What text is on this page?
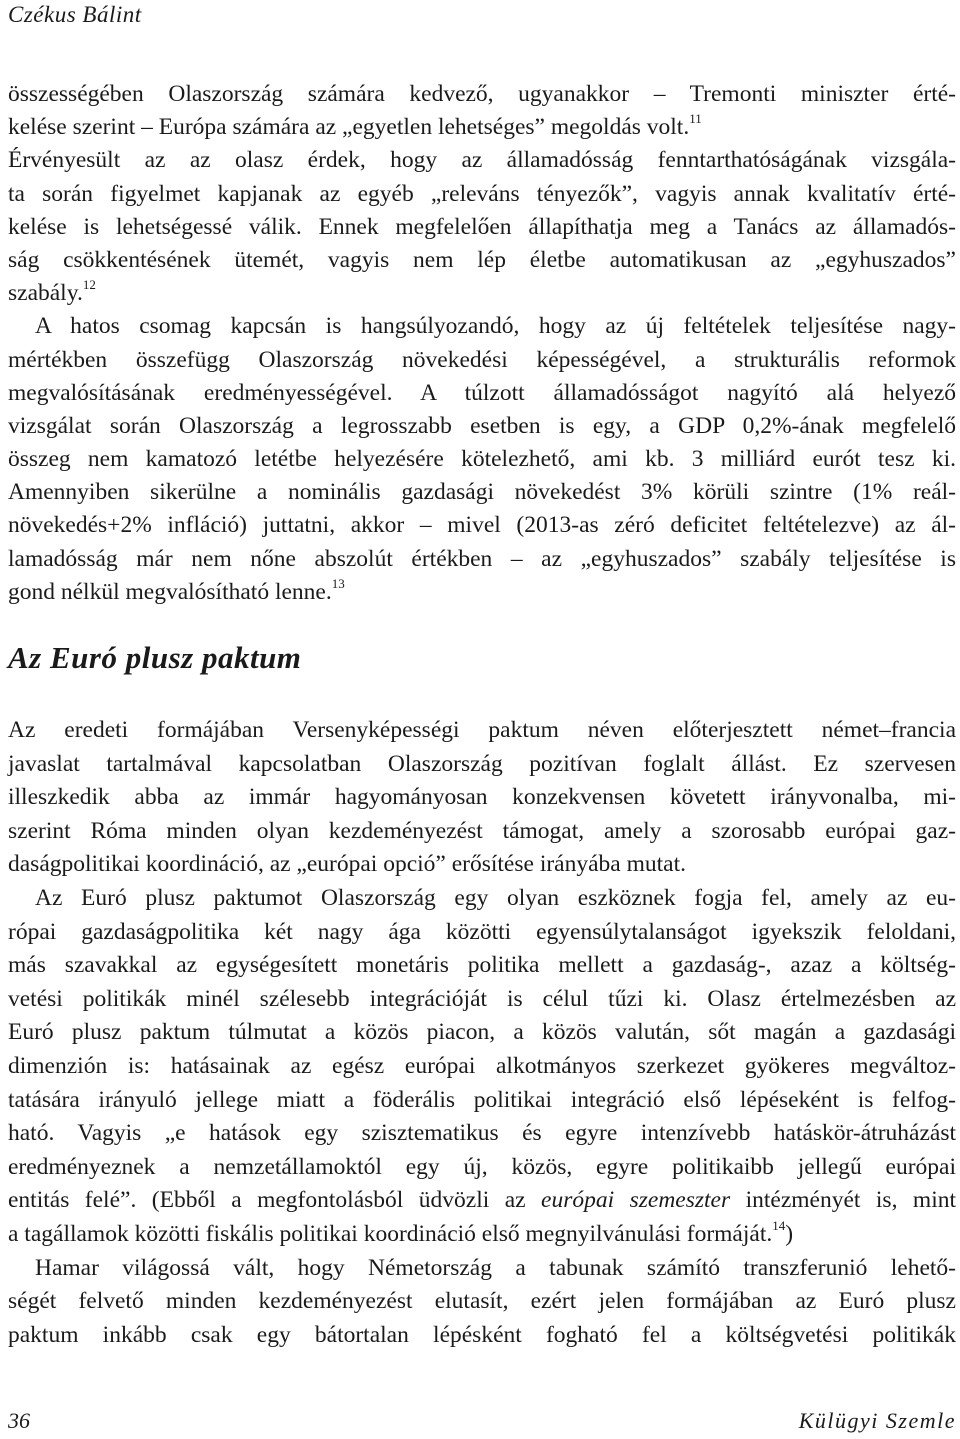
Czékus Bálint
összességében Olaszország számára kedvező, ugyanakkor – Tremonti miniszter érté-
kelése szerint – Európa számára az „egyetlen lehetséges” megoldás volt.$^{11}$
Érvényesült az az olasz érdek, hogy az államadósság fenntarthatóságának vizsgála-
ta során figyelmet kapjanak az egyéb „releváns tényezők”, vagyis annak kvalitatív érté-
kelése is lehetségessé válik. Ennek megfelelően állapíthatja meg a Tanács az államadós-
ság csökkentésének ütemét, vagyis nem lép életbe automatikusan az „egyhuszados”
szabály.$^{12}$
A hatos csomag kapcsán is hangsúlyozandó, hogy az új feltételek teljesítése nagy-
mértékben összefügg Olaszország növekedési képességével, a strukturális reformok
megvalósításának eredményességével. A túlzott államadósságot nagyító alá helyező
vizsgálat során Olaszország a legrosszabb esetben is egy, a GDP 0,2%-ának megfelelő
összeg nem kamatozó letétbe helyezésére kötelezhető, ami kb. 3 milliárd eurót tesz ki.
Amennyiben sikerülne a nominális gazdasági növekedést 3% körüli szintre (1% reál-
növekedés+2% infláció) juttatni, akkor – mivel (2013-as zéró deficitet feltételezve) az ál-
lamadósság már nem nőne abszolút értékben – az „egyhuszados” szabály teljesítése is
gond nélkül megvalósítható lenne.$^{13}$
Az Euró plusz paktum
Az eredeti formájában Versenyképességi paktum néven előterjesztett német–francia
javaslat tartalmával kapcsolatban Olaszország pozitívan foglalt állást. Ez szervesen
illeszkedik abba az immár hagyományosan konzekvensen követett irányvonalba, mi-
szerint Róma minden olyan kezdeményezést támogat, amely a szorosabb európai gaz-
daságpolitikai koordináció, az „európai opció” erősítése irányába mutat.
Az Euró plusz paktumot Olaszország egy olyan eszköznek fogja fel, amely az eu-
rópai gazdaságpolitika két nagy ága közötti egyensúlytalanságot igyekszik feloldani,
más szavakkal az egységesített monetáris politika mellett a gazdaság-, azaz a költség-
vetési politikák minél szélesebb integrációját is célul tűzi ki. Olasz értelmezésben az
Euró plusz paktum túlmutat a közös piacon, a közös valután, sőt magán a gazdasági
dimenzión is: hatásainak az egész európai alkotmányos szerkezet gyökeres megváltoz-
tatására irányuló jellege miatt a föderális politikai integráció első lépéseként is felfog-
ható. Vagyis „e hatások egy szisztematikus és egyre intenzívebb hatáskör-átruházást
eredményeznek a nemzetállamoktól egy új, közös, egyre politikaibb jellegű európai
entitás felé”. (Ebből a megfontolásból üdvözli az európai szemeszter intézményét is, mint
a tagállamok közötti fiskális politikai koordináció első megnyilvánulási formáját.$^{14}$)
Hamar világossá vált, hogy Németország a tabunak számító transzferunió lehető-
ségét felvető minden kezdeményezést elutasít, ezért jelen formájában az Euró plusz
paktum inkább csak egy bátortalan lépésként fogható fel a költségvetési politikák
36	Külügyi Szemle
